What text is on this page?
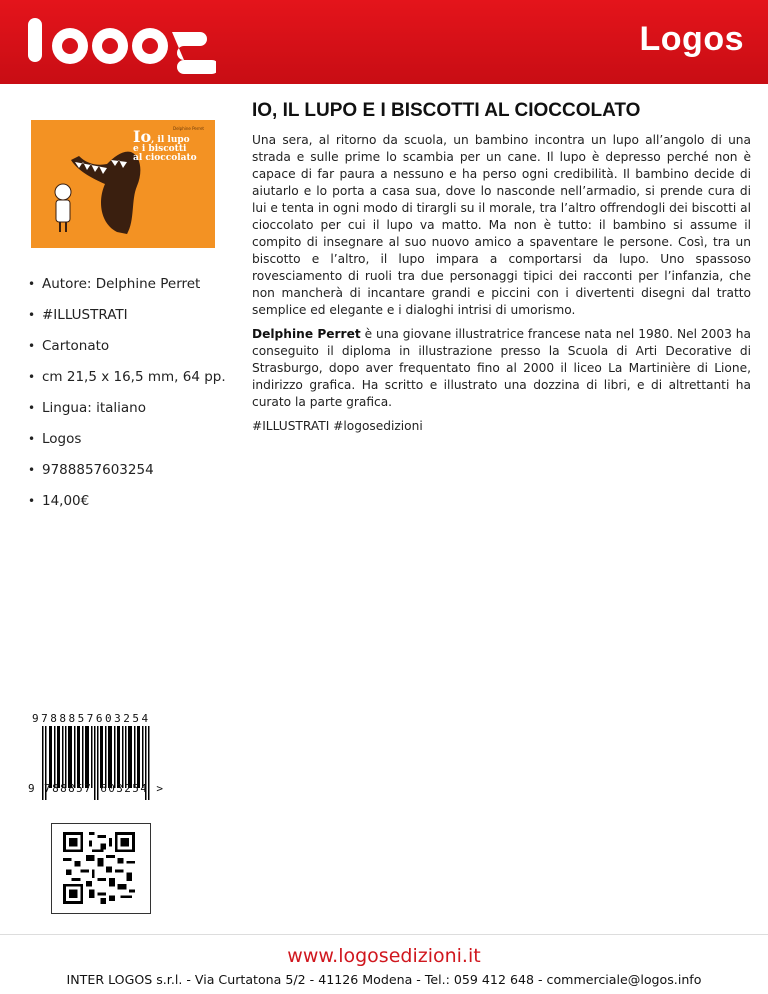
Logos
IO, IL LUPO E I BISCOTTI AL CIOCCOLATO
Delphine Perret
Io, il lupo
e i biscotti
al cioccolato
• Autore: Delphine Perret
• #ILLUSTRATI
• Cartonato
• cm 21,5 x 16,5 mm, 64 pp.
• Lingua: italiano
• Logos
• 9788857603254
• 14,00€

Una sera, al ritorno da scuola, un bambino incontra un lupo all’angolo di una strada e sulle prime lo scambia per un cane. Il lupo è depresso perché non è capace di far paura a nessuno e ha perso ogni credibilità. Il bambino decide di aiutarlo e lo porta a casa sua, dove lo nasconde nell’armadio, si prende cura di lui e tenta in ogni modo di tirargli su il morale, tra l’altro offrendogli dei biscotti al cioccolato per cui il lupo va matto. Ma non è tutto: il bambino si assume il compito di insegnare al suo nuovo amico a spaventare le persone. Così, tra un biscotto e l’altro, il lupo impara a comportarsi da lupo. Uno spassoso rovesciamento di ruoli tra due personaggi tipici dei racconti per l’infanzia, che non mancherà di incantare grandi e piccini con i divertenti disegni dal tratto semplice ed elegante e i dialoghi intrisi di umorismo.

Delphine Perret è una giovane illustratrice francese nata nel 1980. Nel 2003 ha conseguito il diploma in illustrazione presso la Scuola di Arti Decorative di Strasburgo, dopo aver frequentato fino al 2000 il liceo La Martinière di Lione, indirizzo grafica. Ha scritto e illustrato una dozzina di libri, e di altrettanti ha curato la parte grafica.

#ILLUSTRATI #logosedizioni

9788857603254
9 788857 603254 >
www.logosedizioni.it
INTER LOGOS s.r.l. - Via Curtatona 5/2 - 41126 Modena - Tel.: 059 412 648 - commerciale@logos.info
